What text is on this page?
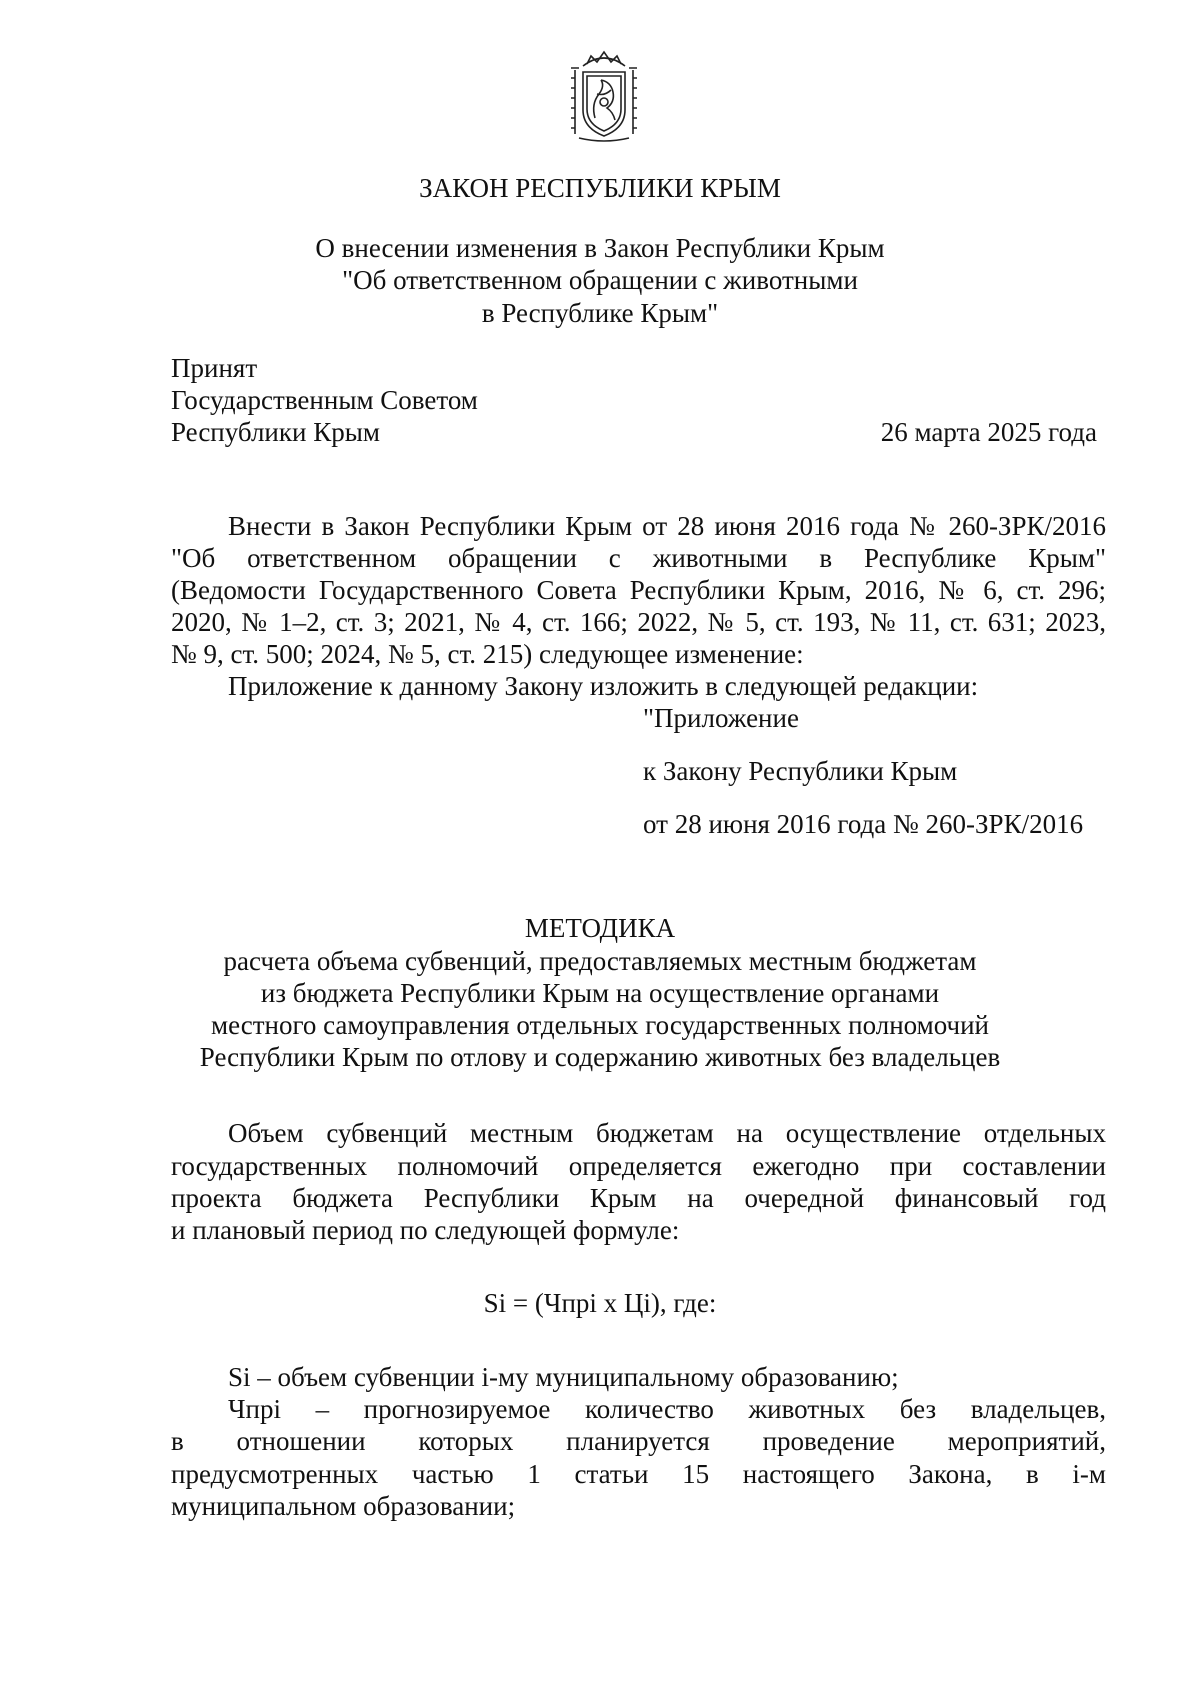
ЗАКОН РЕСПУБЛИКИ КРЫМ
О внесении изменения в Закон Республики Крым
"Об ответственном обращении с животными
в Республике Крым"
Принят
Государственным Советом
Республики Крым	26 марта 2025 года
Внести в Закон Республики Крым от 28 июня 2016 года № 260-ЗРК/2016
"Об ответственном обращении с животными в Республике Крым"
(Ведомости Государственного Совета Республики Крым, 2016, № 6, ст. 296;
2020, № 1–2, ст. 3; 2021, № 4, ст. 166; 2022, № 5, ст. 193, № 11, ст. 631; 2023,
№ 9, ст. 500; 2024, № 5, ст. 215) следующее изменение:
Приложение к данному Закону изложить в следующей редакции:
"Приложение
к Закону Республики Крым
от 28 июня 2016 года № 260-ЗРК/2016
МЕТОДИКА
расчета объема субвенций, предоставляемых местным бюджетам
из бюджета Республики Крым на осуществление органами
местного самоуправления отдельных государственных полномочий
Республики Крым по отлову и содержанию животных без владельцев
Объем субвенций местным бюджетам на осуществление отдельных
государственных полномочий определяется ежегодно при составлении
проекта бюджета Республики Крым на очередной финансовый год
и плановый период по следующей формуле:
Si = (Чпрi x Цi), где:
Si – объем субвенции i-му муниципальному образованию;
Чпрi – прогнозируемое количество животных без владельцев,
в отношении которых планируется проведение мероприятий,
предусмотренных частью 1 статьи 15 настоящего Закона, в i-м
муниципальном образовании;
